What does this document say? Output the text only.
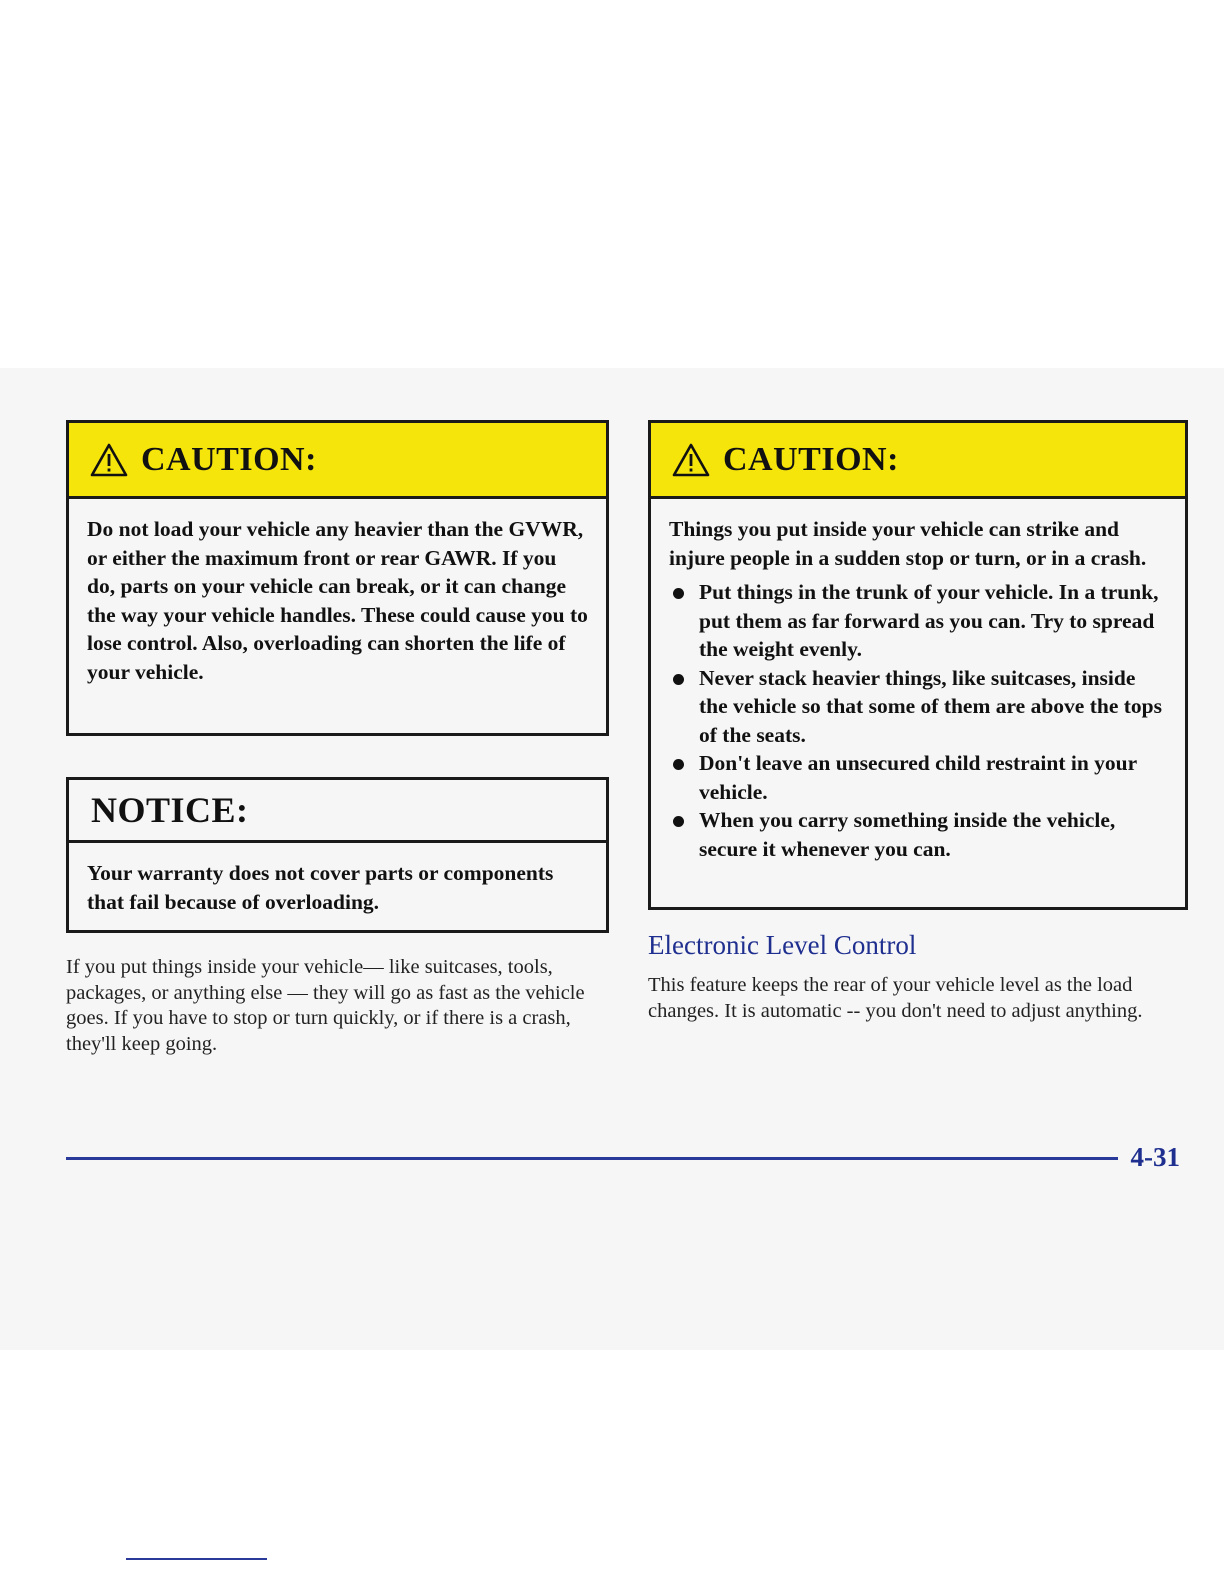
CAUTION:
Do not load your vehicle any heavier than the GVWR, or either the maximum front or rear GAWR. If you do, parts on your vehicle can break, or it can change the way your vehicle handles. These could cause you to lose control. Also, overloading can shorten the life of your vehicle.
NOTICE:
Your warranty does not cover parts or components that fail because of overloading.
If you put things inside your vehicle— like suitcases, tools, packages, or anything else — they will go as fast as the vehicle goes. If you have to stop or turn quickly, or if there is a crash, they'll keep going.
CAUTION:
Things you put inside your vehicle can strike and injure people in a sudden stop or turn, or in a crash.
Put things in the trunk of your vehicle. In a trunk, put them as far forward as you can. Try to spread the weight evenly.
Never stack heavier things, like suitcases, inside the vehicle so that some of them are above the tops of the seats.
Don't leave an unsecured child restraint in your vehicle.
When you carry something inside the vehicle, secure it whenever you can.
Electronic Level Control
This feature keeps the rear of your vehicle level as the load changes. It is automatic -- you don't need to adjust anything.
4-31
